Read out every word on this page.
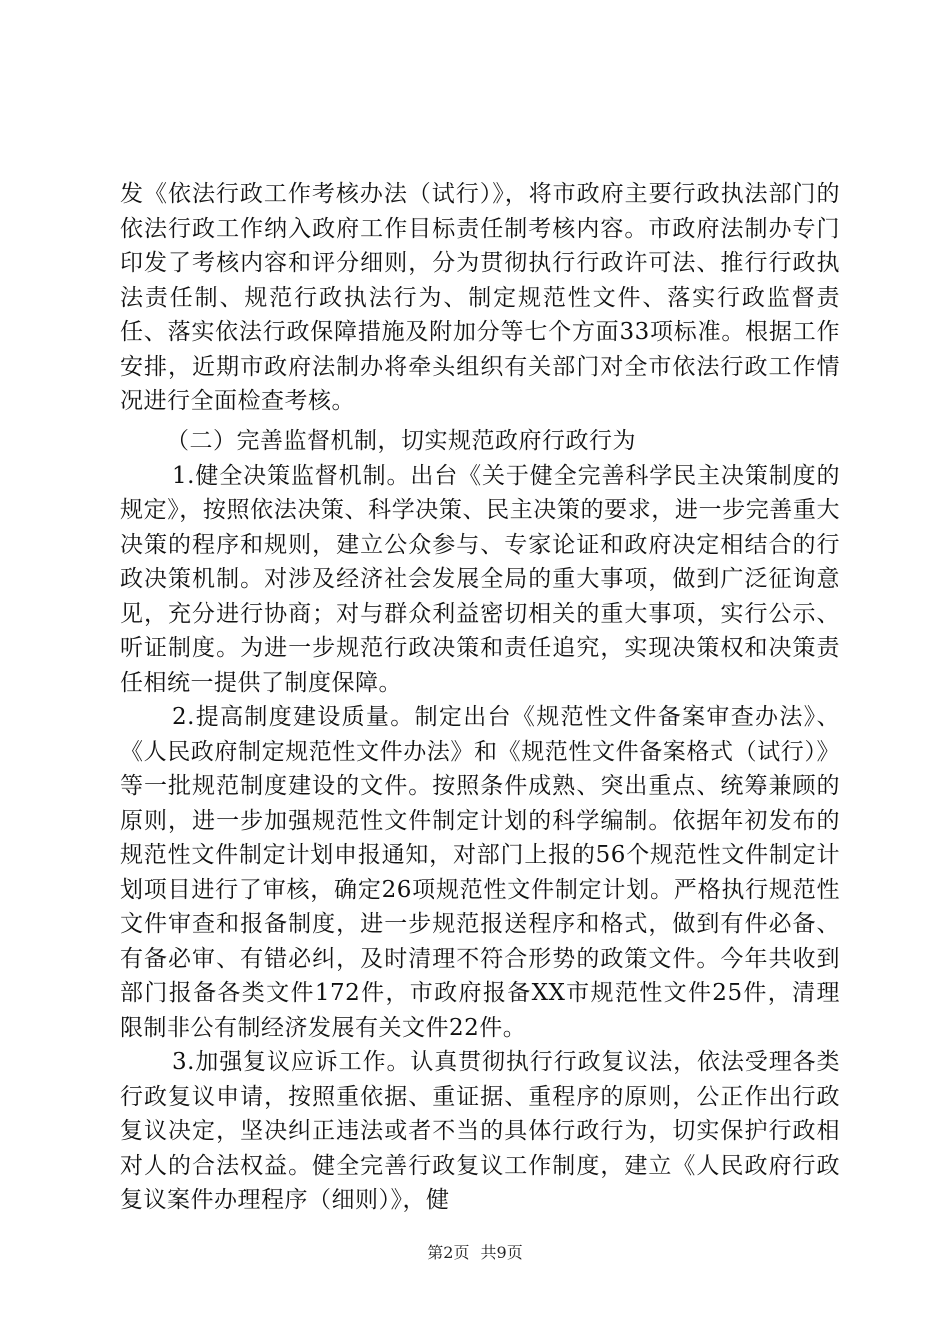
发《依法行政工作考核办法（试行）》，将市政府主要行政执法部门的依法行政工作纳入政府工作目标责任制考核内容。市政府法制办专门印发了考核内容和评分细则，分为贯彻执行行政许可法、推行行政执法责任制、规范行政执法行为、制定规范性文件、落实行政监督责任、落实依法行政保障措施及附加分等七个方面33项标准。根据工作安排，近期市政府法制办将牵头组织有关部门对全市依法行政工作情况进行全面检查考核。

（二）完善监督机制，切实规范政府行政行为

1.健全决策监督机制。出台《关于健全完善科学民主决策制度的规定》，按照依法决策、科学决策、民主决策的要求，进一步完善重大决策的程序和规则，建立公众参与、专家论证和政府决定相结合的行政决策机制。对涉及经济社会发展全局的重大事项，做到广泛征询意见，充分进行协商；对与群众利益密切相关的重大事项，实行公示、听证制度。为进一步规范行政决策和责任追究，实现决策权和决策责任相统一提供了制度保障。

2.提高制度建设质量。制定出台《规范性文件备案审查办法》、《人民政府制定规范性文件办法》和《规范性文件备案格式（试行）》等一批规范制度建设的文件。按照条件成熟、突出重点、统筹兼顾的原则，进一步加强规范性文件制定计划的科学编制。依据年初发布的规范性文件制定计划申报通知，对部门上报的56个规范性文件制定计划项目进行了审核，确定26项规范性文件制定计划。严格执行规范性文件审查和报备制度，进一步规范报送程序和格式，做到有件必备、有备必审、有错必纠，及时清理不符合形势的政策文件。今年共收到部门报备各类文件172件，市政府报备XX市规范性文件25件，清理限制非公有制经济发展有关文件22件。

3.加强复议应诉工作。认真贯彻执行行政复议法，依法受理各类行政复议申请，按照重依据、重证据、重程序的原则，公正作出行政复议决定，坚决纠正违法或者不当的具体行政行为，切实保护行政相对人的合法权益。健全完善行政复议工作制度，建立《人民政府行政复议案件办理程序（细则）》，健

第2页 共9页
